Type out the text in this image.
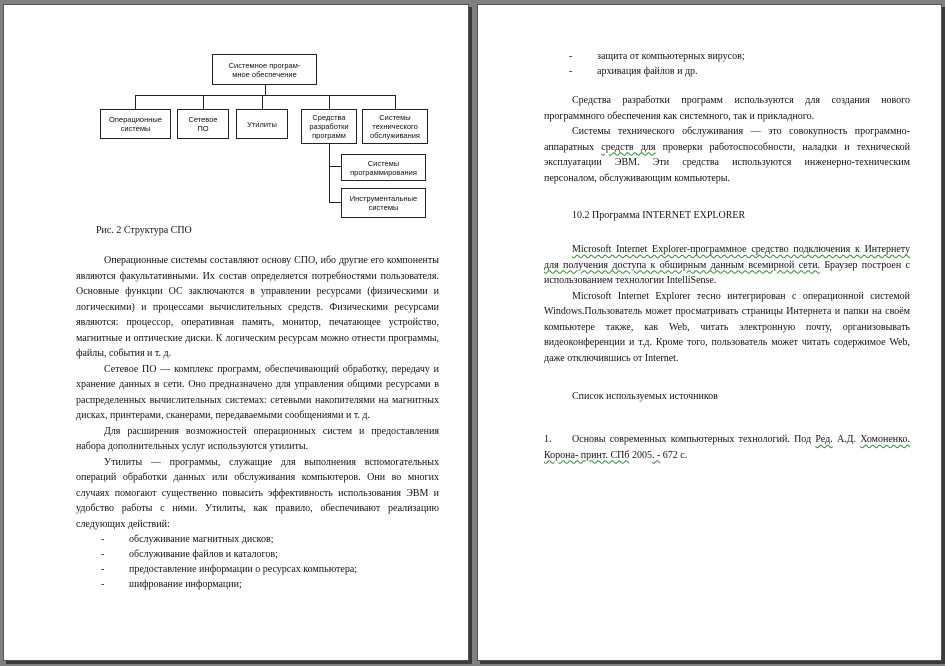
Системное програм-
мное обеспечение
Операционные
системы
Сетевое
ПО	Утилиты
Средства
разработки
программ
Системы
технического
обслуживания
Системы
программирования
Инструментальные
системы
Рис. 2 Структура СПО

Операционные системы составляют основу СПО, ибо другие его компоненты являются факультативными. Их состав определяется потребностями пользователя. Основные функции ОС заключаются в управлении ресурсами (физическими и логическими) и процессами вычислительных средств. Физическими ресурсами являются: процессор, оперативная память, монитор, печатающее устройство, магнитные и оптические диски. К логическим ресурсам можно отнести программы, файлы, события и т. д.

Сетевое ПО — комплекс программ, обеспечивающий обработку, передачу и хранение данных в сети. Оно предназначено для управления общими ресурсами в распределенных вычислительных системах: сетевыми накопителями на магнитных дисках, принтерами, сканерами, передаваемыми сообщениями и т. д.

Для расширения возможностей операционных систем и предоставления набора дополнительных услуг используются утилиты.

Утилиты — программы, служащие для выполнения вспомогательных операций обработки данных или обслуживания компьютеров. Они во многих случаях помогают существенно повысить эффективность использования ЭВМ и удобство работы с ними. Утилиты, как правило, обеспечивают реализацию следующих действий:

- обслуживание магнитных дисков;
- обслуживание файлов и каталогов;
- предоставление информации о ресурсах компьютера;
- шифрование информации;
- защита от компьютерных вирусов;
- архивация файлов и др.

Средства разработки программ используются для создания нового программного обеспечения как системного, так и прикладного.

Системы технического обслуживания — это совокупность программно-аппаратных средств для проверки работоспособности, наладки и технической эксплуатации ЭВМ. Эти средства используются инженерно-техническим персоналом, обслуживающим компьютеры.

10.2 Программа INTERNET EXPLORER

Microsoft Internet Explorer-программное средство подключения к Интернету для получения доступа к обширным данным всемирной сети. Браузер построен с использованием технологии IntelliSense.

Microsoft Internet Explorer тесно интегрирован с операционной системой Windows.Пользователь может просматривать страницы Интернета и папки на своём компьютере также, как Web, читать электронную почту, организовывать видеоконференции и т.д. Кроме того, пользователь может читать содержимое Web, даже отключившись от Internet.

Список используемых источников

1. Основы современных компьютерных технологий. Под Ред. А.Д. Хомоненко. Корона- принт. СПб 2005. - 672 с.
